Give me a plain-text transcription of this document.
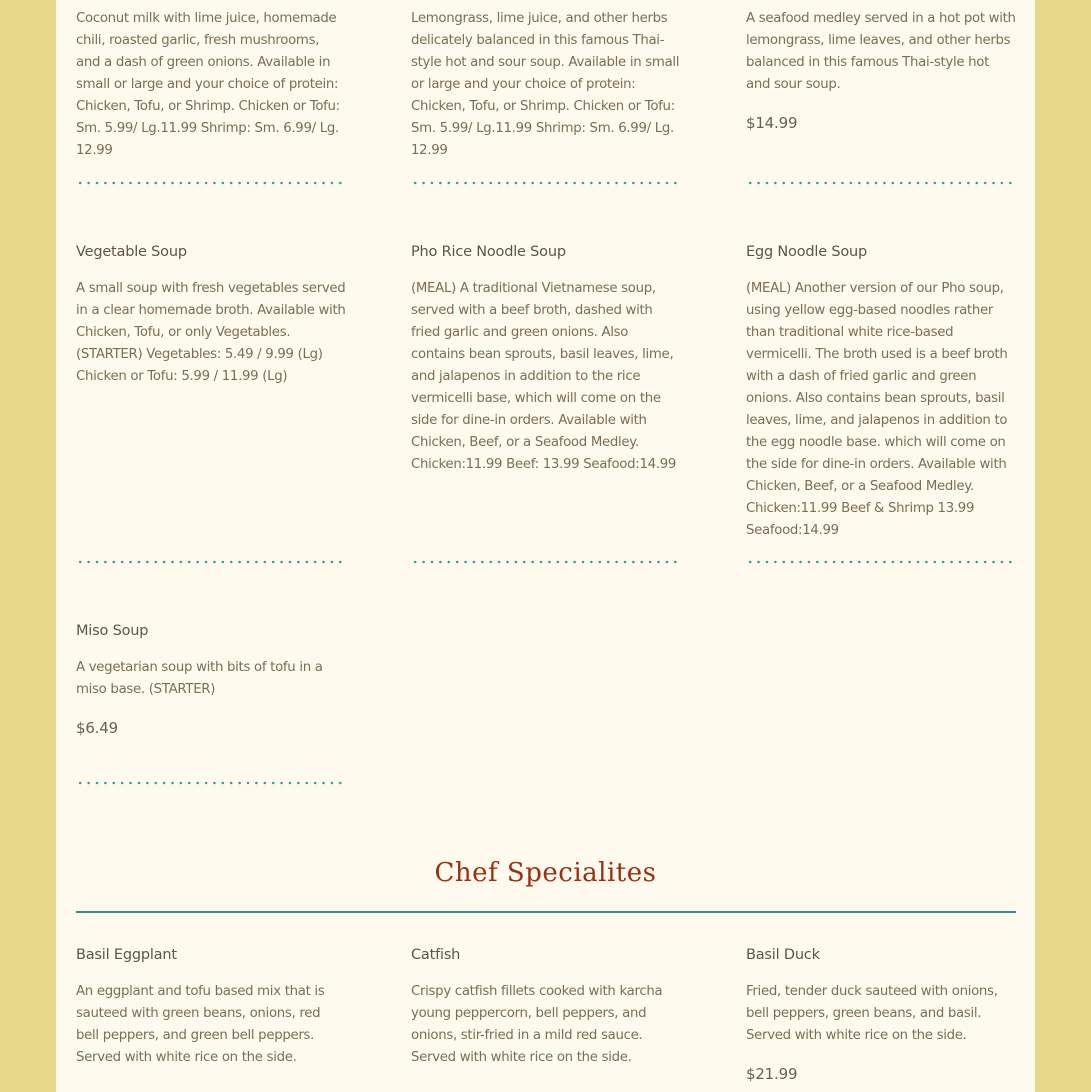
Coconut milk with lime juice, homemade chili, roasted garlic, fresh mushrooms, and a dash of green onions. Available in small or large and your choice of protein: Chicken, Tofu, or Shrimp. Chicken or Tofu: Sm. 5.99/ Lg.11.99 Shrimp: Sm. 6.99/ Lg. 12.99
Lemongrass, lime juice, and other herbs delicately balanced in this famous Thai-style hot and sour soup. Available in small or large and your choice of protein: Chicken, Tofu, or Shrimp. Chicken or Tofu: Sm. 5.99/ Lg.11.99 Shrimp: Sm. 6.99/ Lg. 12.99
A seafood medley served in a hot pot with lemongrass, lime leaves, and other herbs balanced in this famous Thai-style hot and sour soup.
$14.99
Vegetable Soup
A small soup with fresh vegetables served in a clear homemade broth. Available with Chicken, Tofu, or only Vegetables. (STARTER) Vegetables: 5.49 / 9.99 (Lg) Chicken or Tofu: 5.99 / 11.99 (Lg)
Pho Rice Noodle Soup
(MEAL) A traditional Vietnamese soup, served with a beef broth, dashed with fried garlic and green onions. Also contains bean sprouts, basil leaves, lime, and jalapenos in addition to the rice vermicelli base, which will come on the side for dine-in orders. Available with Chicken, Beef, or a Seafood Medley. Chicken:11.99 Beef: 13.99 Seafood:14.99
Egg Noodle Soup
(MEAL) Another version of our Pho soup, using yellow egg-based noodles rather than traditional white rice-based vermicelli. The broth used is a beef broth with a dash of fried garlic and green onions. Also contains bean sprouts, basil leaves, lime, and jalapenos in addition to the egg noodle base. which will come on the side for dine-in orders. Available with Chicken, Beef, or a Seafood Medley. Chicken:11.99 Beef & Shrimp 13.99 Seafood:14.99
Miso Soup
A vegetarian soup with bits of tofu in a miso base. (STARTER)
$6.49
Chef Specialites
Basil Eggplant
An eggplant and tofu based mix that is sauteed with green beans, onions, red bell peppers, and green bell peppers. Served with white rice on the side.
Catfish
Crispy catfish fillets cooked with karcha young peppercorn, bell peppers, and onions, stir-fried in a mild red sauce. Served with white rice on the side.
Basil Duck
Fried, tender duck sauteed with onions, bell peppers, green beans, and basil. Served with white rice on the side.
$21.99
